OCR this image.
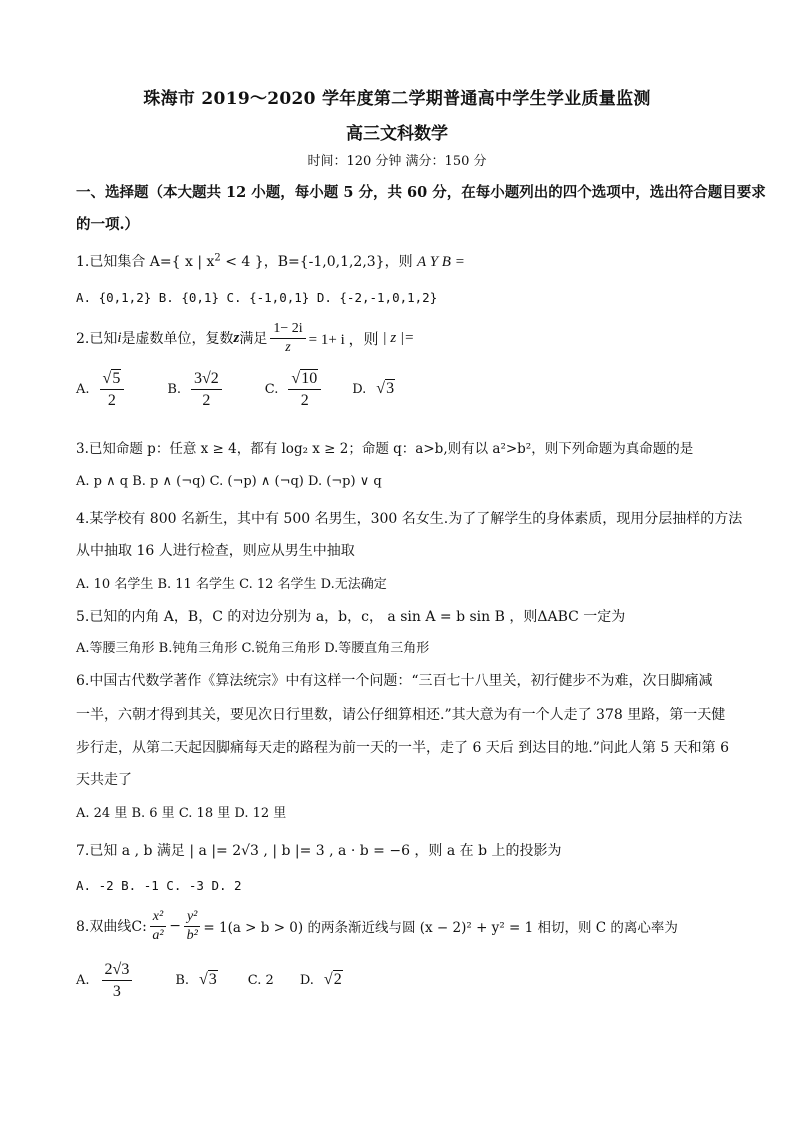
珠海市 2019～2020 学年度第二学期普通高中学生学业质量监测
高三文科数学
时间：120 分钟 满分：150 分
一、选择题（本大题共 12 小题，每小题 5 分，共 60 分，在每小题列出的四个选项中，选出符合题目要求
的一项.）
1.已知集合 A={ x | $x^2 < 4$ }，B={-1,0,1,2,3}，则 A Y B =
A. {0,1,2} B. {0,1} C. {-1,0,1} D. {-2,-1,0,1,2}
2.已知 i 是虚数单位，复数 z 满足 $\frac{1- 2i}{z} = 1+ i$ ，则 | z |=
A. $\frac{√5}{2}$	B. $\frac{3√2}{2}$	C. $\frac{√10}{2} D$. √3
3.已知命题 p：任意 x ≥ 4，都有 log₂ x ≥ 2；命题 q：a>b,则有以 a²>b²，则下列命题为真命题的是
A. p ∧ q B. p ∧ (¬q) C. (¬p) ∧ (¬q) D. (¬p) ∨ q
4.某学校有 800 名新生，其中有 500 名男生，300 名女生.为了了解学生的身体素质，现用分层抽样的方法
从中抽取 16 人进行检查，则应从男生中抽取
A. 10 名学生 B. 11 名学生 C. 12 名学生 D.无法确定
5.已知的内角 A，B，C 的对边分别为 a，b，c， a sin A = b sin B ，则ΔABC 一定为
A.等腰三角形 B.钝角三角形 C.锐角三角形 D.等腰直角三角形
6.中国古代数学著作《算法统宗》中有这样一个问题：“三百七十八里关，初行健步不为难，次日脚痛减
一半，六朝才得到其关，要见次日行里数，请公仔细算相还.”其大意为有一个人走了 378 里路，第一天健
步行走，从第二天起因脚痛每天走的路程为前一天的一半，走了 6 天后 到达目的地.”问此人第 5 天和第 6
天共走了
A. 24 里 B. 6 里 C. 18 里 D. 12 里
7.已知 a , b 满足 | a |= 2√3 , | b |= 3 , a · b = −6 ，则 a 在 b 上的投影为
A. -2 B. -1 C. -3 D. 2
8.双曲线C: $\frac{\text{x²}}{\text{a²}} - \frac{\text{y²}}{\text{b²}} = 1(a > b > 0)$ 的两条渐近线与圆 (x − 2)² + y² = 1 相切，则 C 的离心率为
A. $\frac{2√3}{3}$	B. √3 C. 2 D. √2
